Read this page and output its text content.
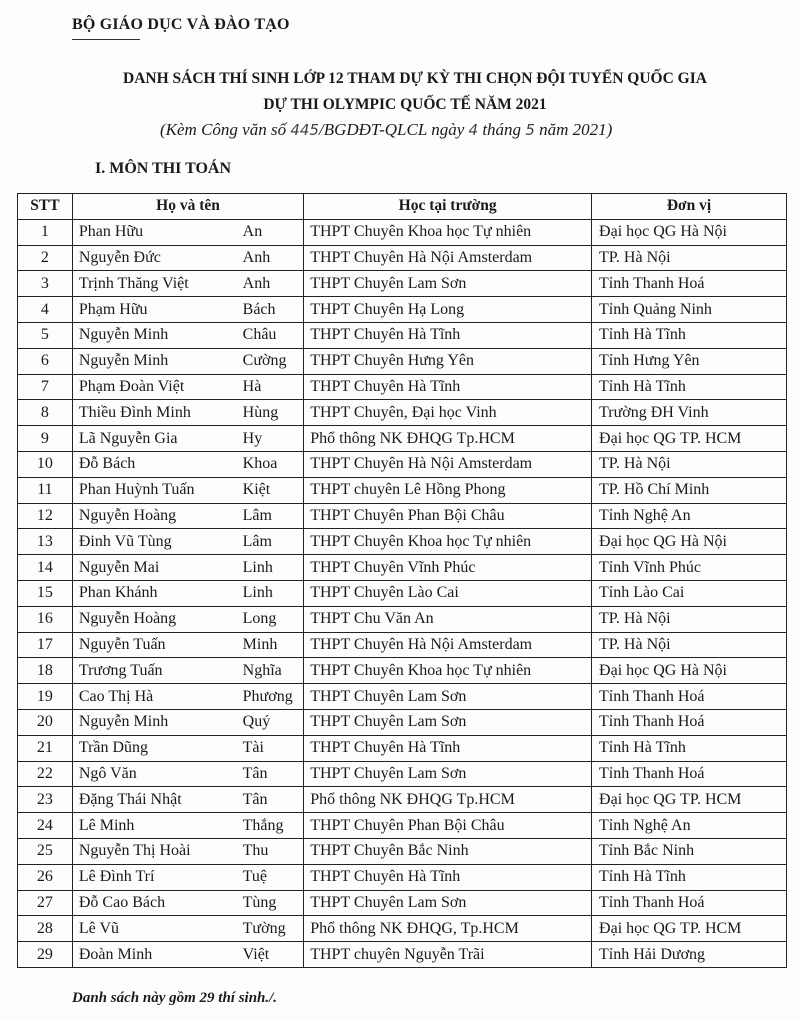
BỘ GIÁO DỤC VÀ ĐÀO TẠO
DANH SÁCH THÍ SINH LỚP 12 THAM DỰ KỲ THI CHỌN ĐỘI TUYỂN QUỐC GIA
DỰ THI OLYMPIC QUỐC TẾ NĂM 2021
(Kèm Công văn số 445/BGDĐT-QLCL ngày 4 tháng 5 năm 2021)
I. MÔN THI TOÁN
STT	Họ và tên		Học tại trường	Đơn vị
1	Phan Hữu	An	THPT Chuyên Khoa học Tự nhiên	Đại học QG Hà Nội
2	Nguyễn Đức	Anh	THPT Chuyên Hà Nội Amsterdam	TP. Hà Nội
3	Trịnh Thăng Việt	Anh	THPT Chuyên Lam Sơn	Tỉnh Thanh Hoá
4	Phạm Hữu	Bách	THPT Chuyên Hạ Long	Tỉnh Quảng Ninh
5	Nguyễn Minh	Châu	THPT Chuyên Hà Tĩnh	Tỉnh Hà Tĩnh
6	Nguyễn Minh	Cường	THPT Chuyên Hưng Yên	Tỉnh Hưng Yên
7	Phạm Đoàn Việt	Hà	THPT Chuyên Hà Tĩnh	Tỉnh Hà Tĩnh
8	Thiều Đình Minh	Hùng	THPT Chuyên, Đại học Vinh	Trường ĐH Vinh
9	Lã Nguyễn Gia	Hy	Phổ thông NK ĐHQG Tp.HCM	Đại học QG TP. HCM
10	Đỗ Bách	Khoa	THPT Chuyên Hà Nội Amsterdam	TP. Hà Nội
11	Phan Huỳnh Tuấn	Kiệt	THPT chuyên Lê Hồng Phong	TP. Hồ Chí Minh
12	Nguyễn Hoàng	Lâm	THPT Chuyên Phan Bội Châu	Tỉnh Nghệ An
13	Đinh Vũ Tùng	Lâm	THPT Chuyên Khoa học Tự nhiên	Đại học QG Hà Nội
14	Nguyễn Mai	Linh	THPT Chuyên Vĩnh Phúc	Tỉnh Vĩnh Phúc
15	Phan Khánh	Linh	THPT Chuyên Lào Cai	Tỉnh Lào Cai
16	Nguyễn Hoàng	Long	THPT Chu Văn An	TP. Hà Nội
17	Nguyễn Tuấn	Minh	THPT Chuyên Hà Nội Amsterdam	TP. Hà Nội
18	Trương Tuấn	Nghĩa	THPT Chuyên Khoa học Tự nhiên	Đại học QG Hà Nội
19	Cao Thị Hà	Phương	THPT Chuyên Lam Sơn	Tỉnh Thanh Hoá
20	Nguyễn Minh	Quý	THPT Chuyên Lam Sơn	Tỉnh Thanh Hoá
21	Trần Dũng	Tài	THPT Chuyên Hà Tĩnh	Tỉnh Hà Tĩnh
22	Ngô Văn	Tân	THPT Chuyên Lam Sơn	Tỉnh Thanh Hoá
23	Đặng Thái Nhật	Tân	Phổ thông NK ĐHQG Tp.HCM	Đại học QG TP. HCM
24	Lê Minh	Thắng	THPT Chuyên Phan Bội Châu	Tỉnh Nghệ An
25	Nguyễn Thị Hoài	Thu	THPT Chuyên Bắc Ninh	Tỉnh Bắc Ninh
26	Lê Đình Trí	Tuệ	THPT Chuyên Hà Tĩnh	Tỉnh Hà Tĩnh
27	Đỗ Cao Bách	Tùng	THPT Chuyên Lam Sơn	Tỉnh Thanh Hoá
28	Lê Vũ	Tường	Phổ thông NK ĐHQG, Tp.HCM	Đại học QG TP. HCM
29	Đoàn Minh	Việt	THPT chuyên Nguyễn Trãi	Tỉnh Hải Dương
Danh sách này gồm 29 thí sinh./.
